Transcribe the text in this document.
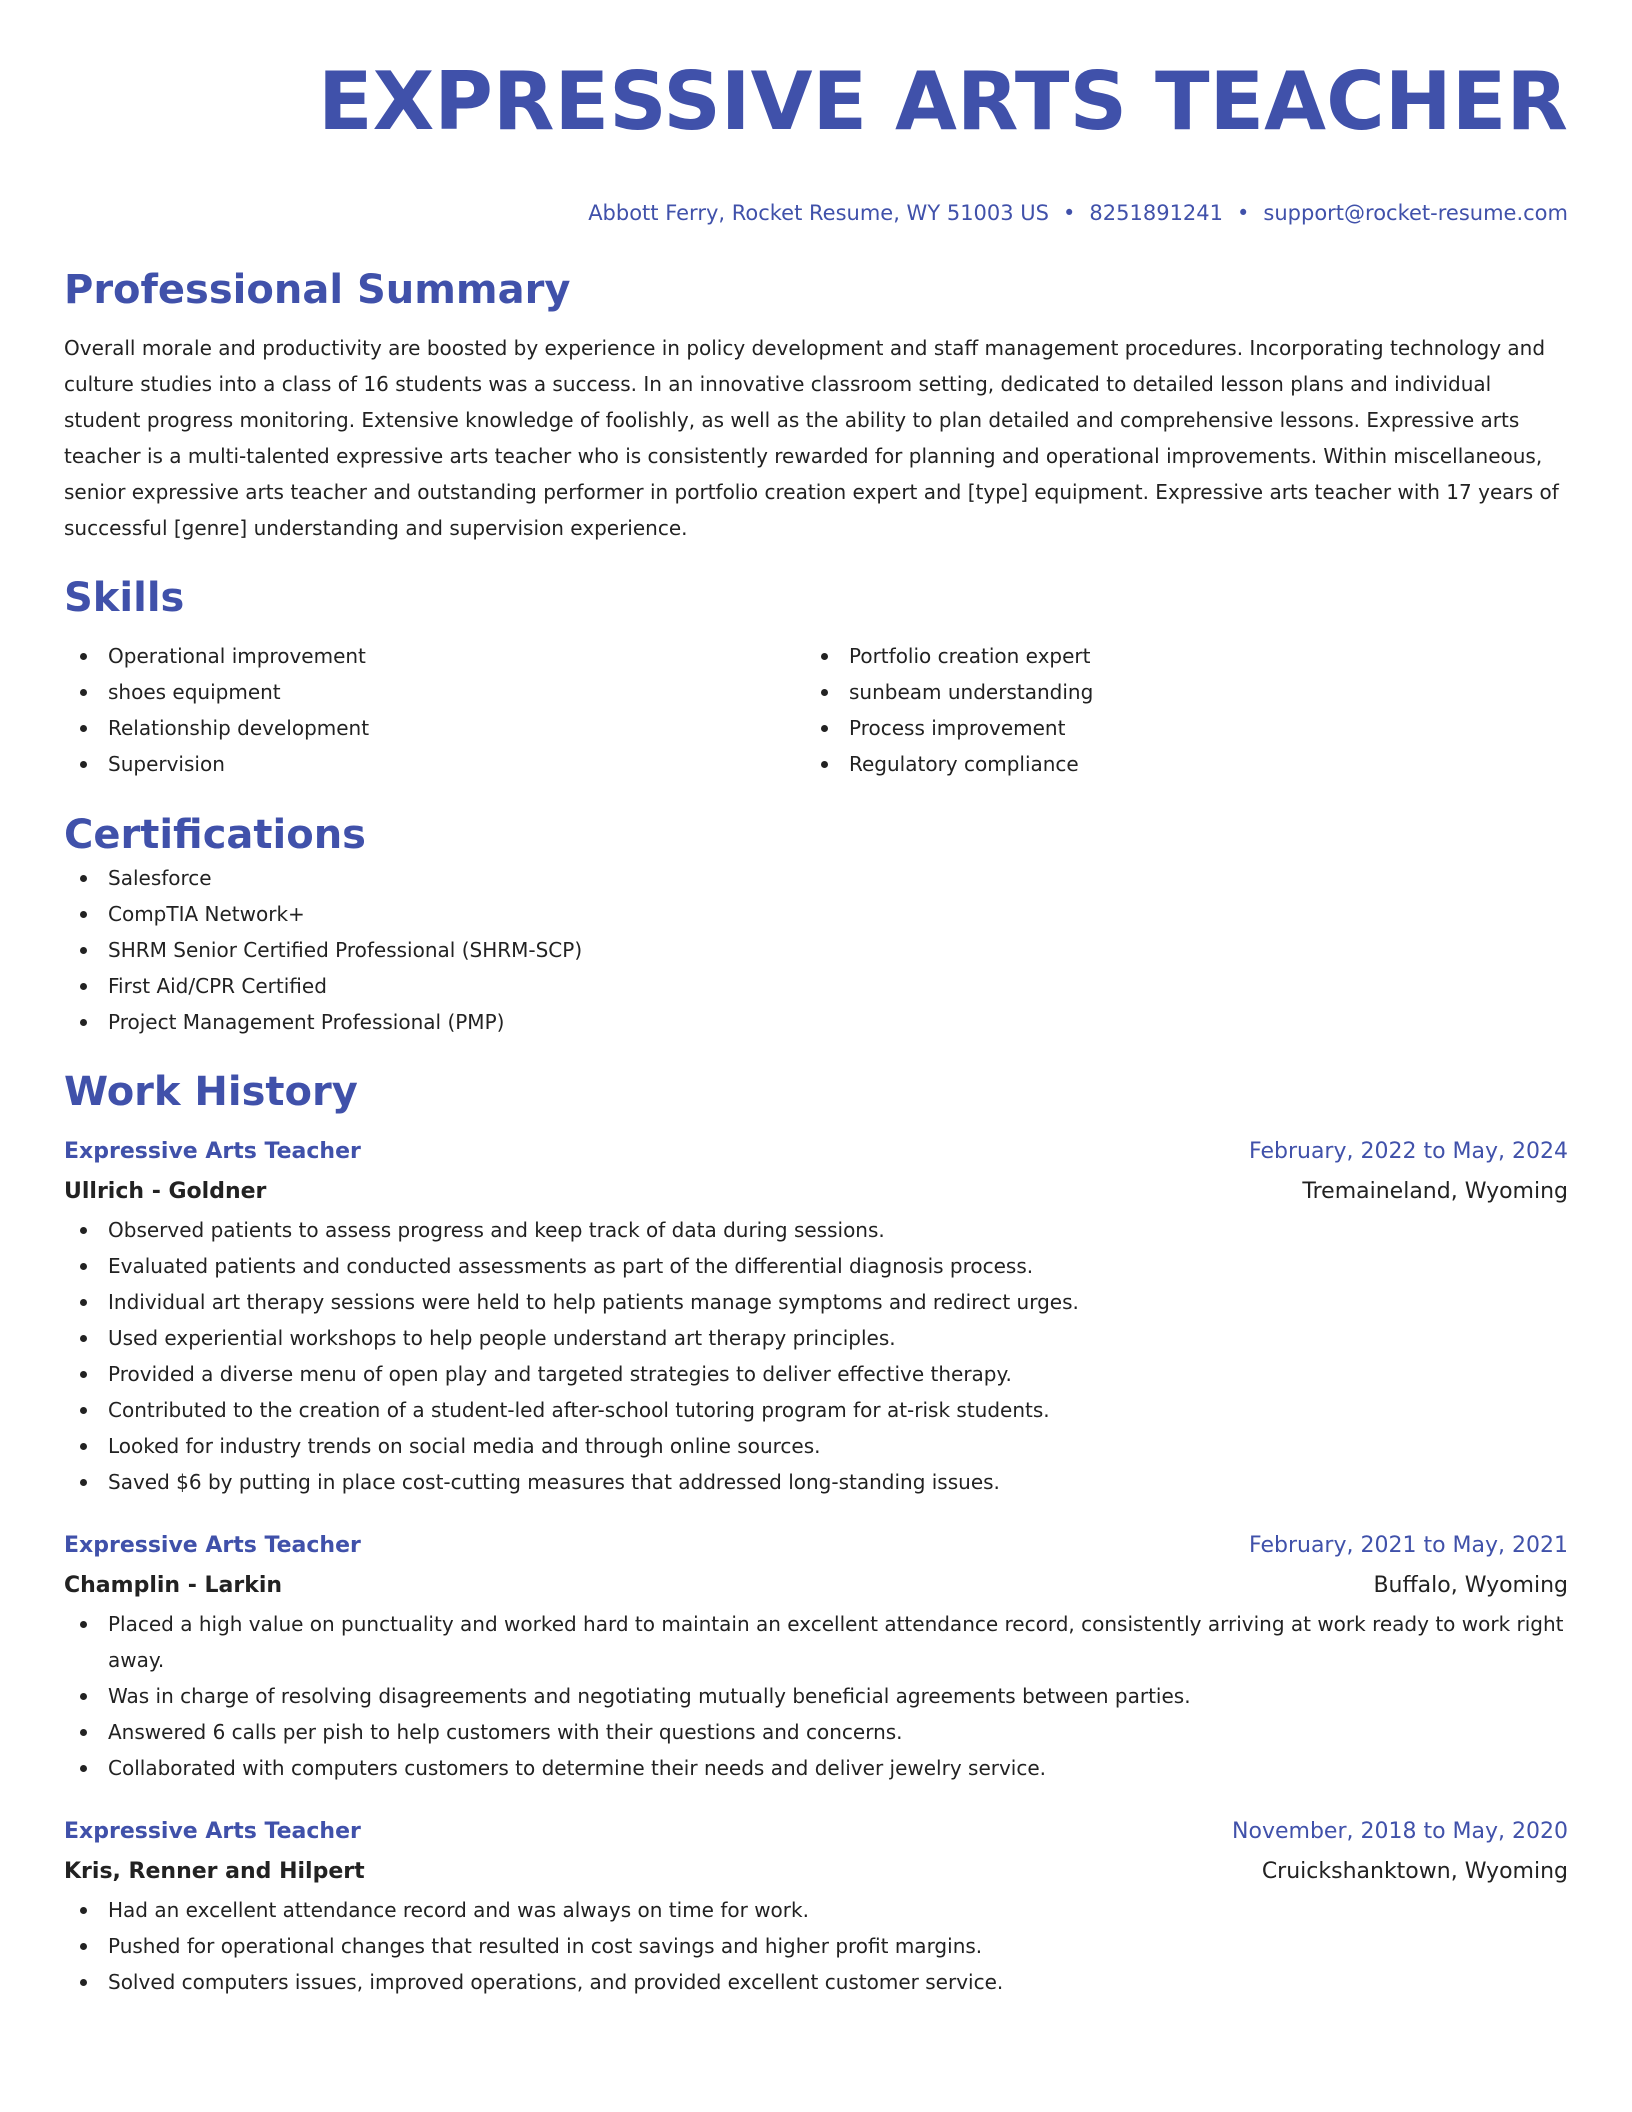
EXPRESSIVE ARTS TEACHER
Abbott Ferry, Rocket Resume, WY 51003 US • 8251891241 • support@rocket-resume.com
Professional Summary

Overall morale and productivity are boosted by experience in policy development and staff management procedures. Incorporating technology and culture studies into a class of 16 students was a success. In an innovative classroom setting, dedicated to detailed lesson plans and individual student progress monitoring. Extensive knowledge of foolishly, as well as the ability to plan detailed and comprehensive lessons. Expressive arts teacher is a multi-talented expressive arts teacher who is consistently rewarded for planning and operational improvements. Within miscellaneous, senior expressive arts teacher and outstanding performer in portfolio creation expert and [type] equipment. Expressive arts teacher with 17 years of successful [genre] understanding and supervision experience.

Skills
Operational improvement
shoes equipment
Relationship development
Supervision
Portfolio creation expert
sunbeam understanding
Process improvement
Regulatory compliance
Certifications
Salesforce
CompTIA Network+
SHRM Senior Certified Professional (SHRM-SCP)
First Aid/CPR Certified
Project Management Professional (PMP)
Work History
Expressive Arts Teacher	February, 2022 to May, 2024
Ullrich - Goldner	Tremaineland, Wyoming
Observed patients to assess progress and keep track of data during sessions.
Evaluated patients and conducted assessments as part of the differential diagnosis process.
Individual art therapy sessions were held to help patients manage symptoms and redirect urges.
Used experiential workshops to help people understand art therapy principles.
Provided a diverse menu of open play and targeted strategies to deliver effective therapy.
Contributed to the creation of a student-led after-school tutoring program for at-risk students.
Looked for industry trends on social media and through online sources.
Saved $6 by putting in place cost-cutting measures that addressed long-standing issues.
Expressive Arts Teacher	February, 2021 to May, 2021
Champlin - Larkin	Buffalo, Wyoming
Placed a high value on punctuality and worked hard to maintain an excellent attendance record, consistently arriving at work ready to work right away.
Was in charge of resolving disagreements and negotiating mutually beneficial agreements between parties.
Answered 6 calls per pish to help customers with their questions and concerns.
Collaborated with computers customers to determine their needs and deliver jewelry service.
Expressive Arts Teacher	November, 2018 to May, 2020
Kris, Renner and Hilpert	Cruickshanktown, Wyoming
Had an excellent attendance record and was always on time for work.
Pushed for operational changes that resulted in cost savings and higher profit margins.
Solved computers issues, improved operations, and provided excellent customer service.
